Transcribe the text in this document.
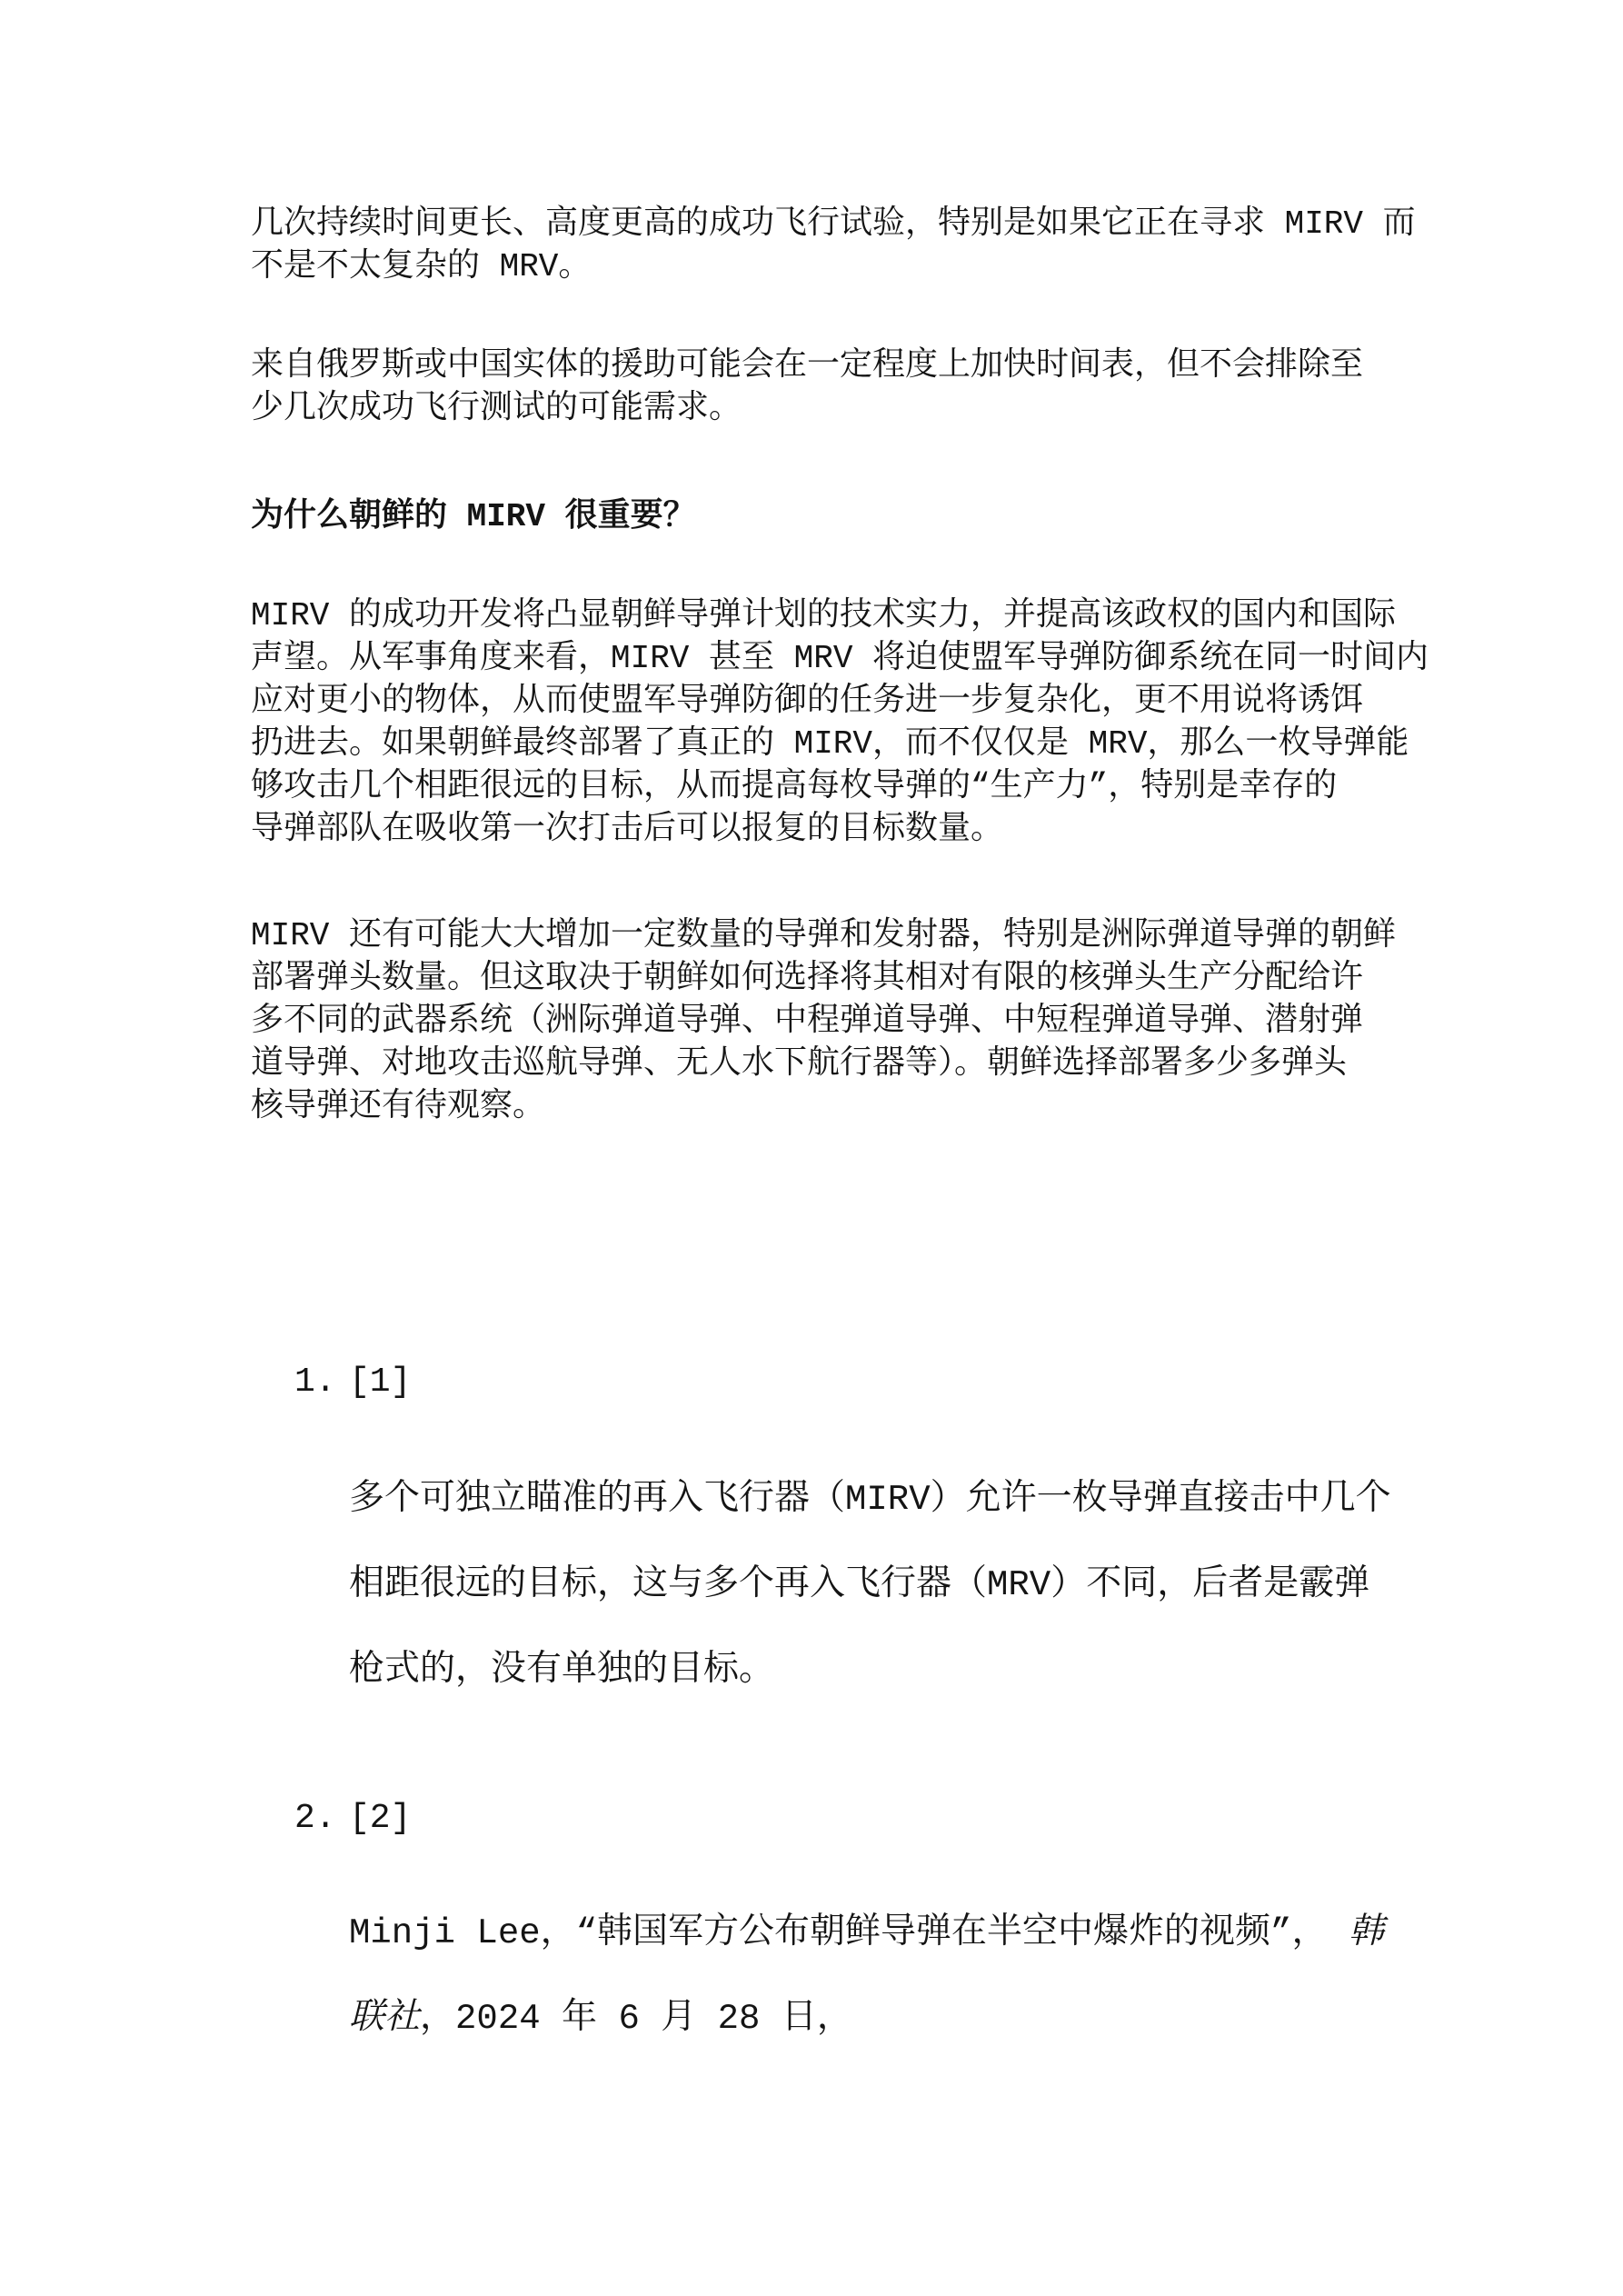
几次持续时间更长、高度更高的成功飞行试验，特别是如果它正在寻求 MIRV 而
不是不太复杂的 MRV。

来自俄罗斯或中国实体的援助可能会在一定程度上加快时间表，但不会排除至
少几次成功飞行测试的可能需求。

为什么朝鲜的 MIRV 很重要？

MIRV 的成功开发将凸显朝鲜导弹计划的技术实力，并提高该政权的国内和国际
声望。从军事角度来看，MIRV 甚至 MRV 将迫使盟军导弹防御系统在同一时间内
应对更小的物体，从而使盟军导弹防御的任务进一步复杂化，更不用说将诱饵
扔进去。如果朝鲜最终部署了真正的 MIRV，而不仅仅是 MRV，那么一枚导弹能
够攻击几个相距很远的目标，从而提高每枚导弹的“生产力”，特别是幸存的
导弹部队在吸收第一次打击后可以报复的目标数量。

MIRV 还有可能大大增加一定数量的导弹和发射器，特别是洲际弹道导弹的朝鲜
部署弹头数量。但这取决于朝鲜如何选择将其相对有限的核弹头生产分配给许
多不同的武器系统（洲际弹道导弹、中程弹道导弹、中短程弹道导弹、潜射弹
道导弹、对地攻击巡航导弹、无人水下航行器等）。朝鲜选择部署多少多弹头
核导弹还有待观察。

1. [1]

多个可独立瞄准的再入飞行器（MIRV）允许一枚导弹直接击中几个
相距很远的目标，这与多个再入飞行器（MRV）不同，后者是霰弹
枪式的，没有单独的目标。

2. [2]

Minji Lee，“韩国军方公布朝鲜导弹在半空中爆炸的视频”， 韩
联社，2024 年 6 月 28 日，
